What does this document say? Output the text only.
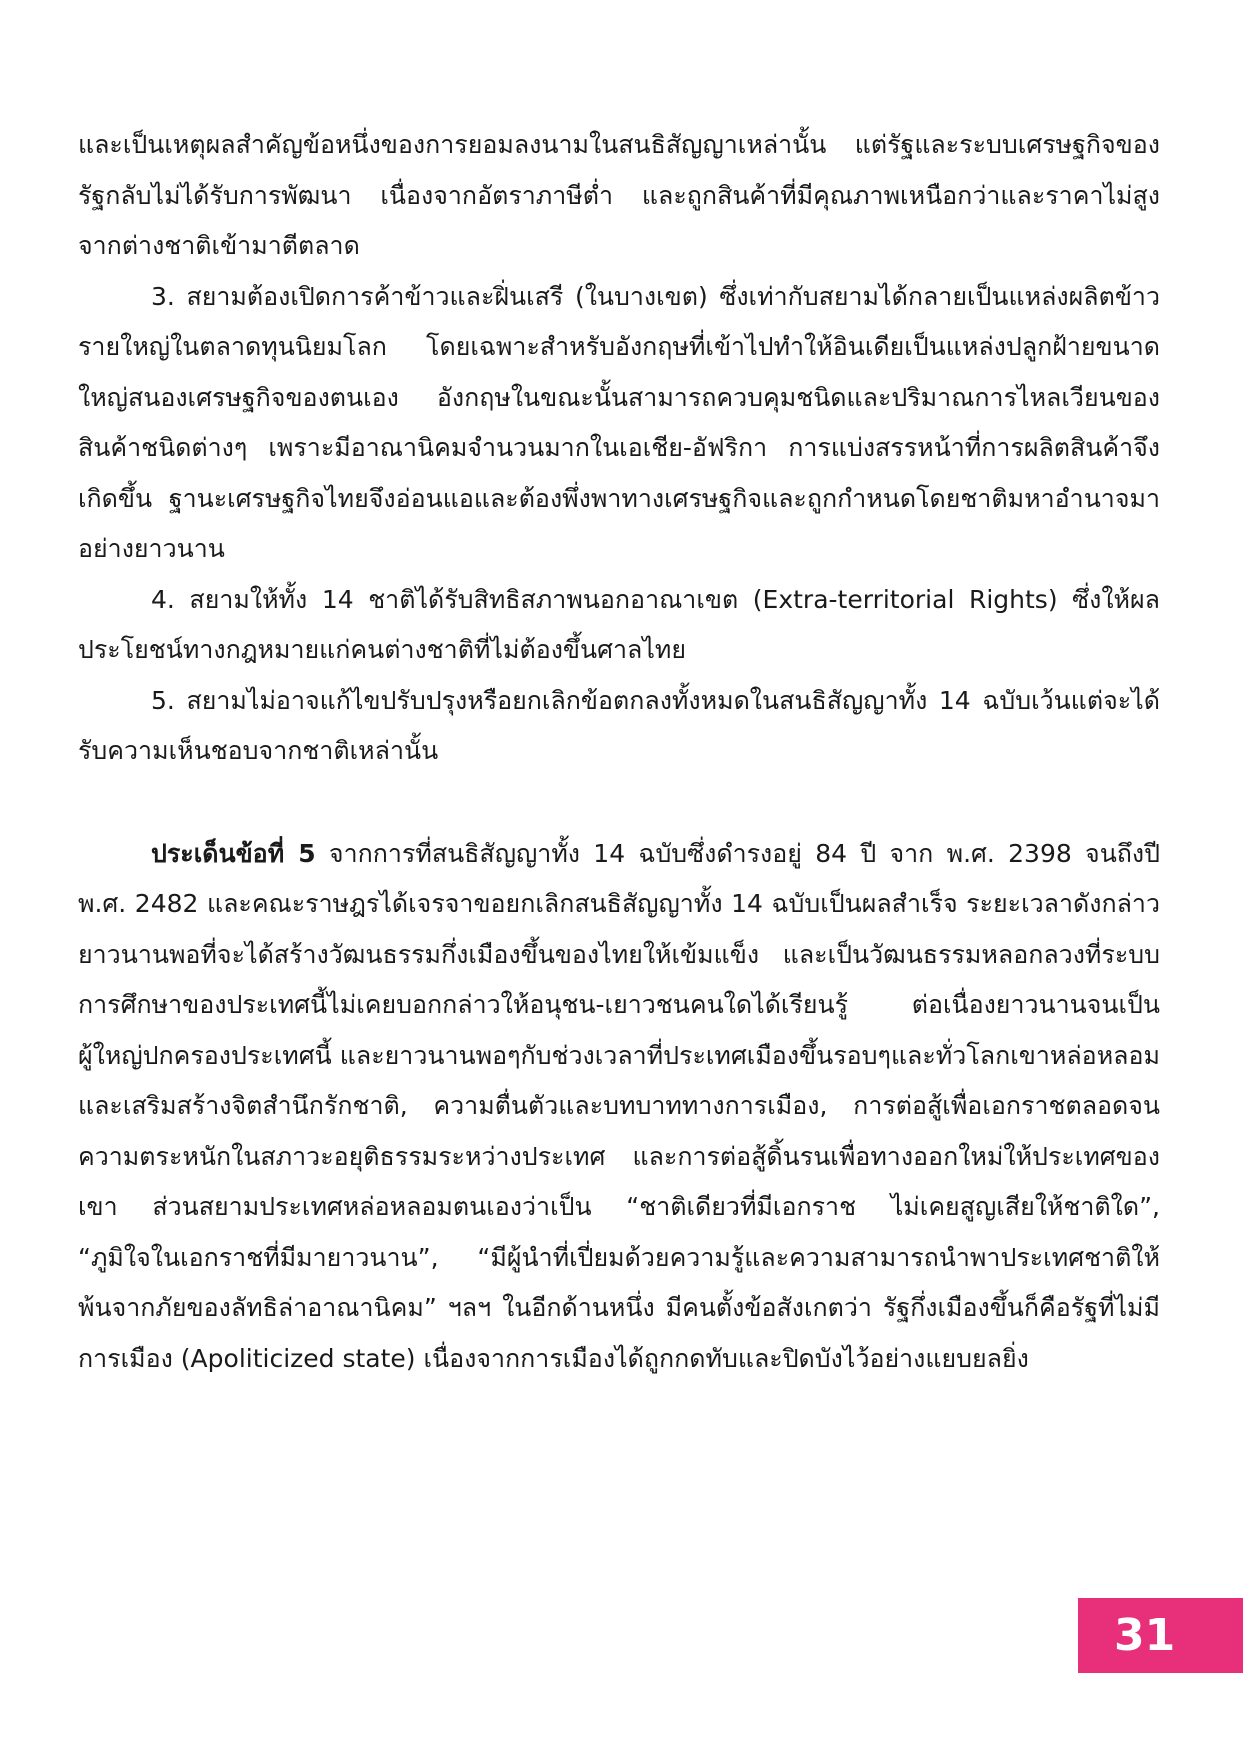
และเป็นเหตุผลสำคัญข้อหนึ่งของการยอมลงนามในสนธิสัญญาเหล่านั้น แต่รัฐและระบบเศรษฐกิจของรัฐกลับไม่ได้รับการพัฒนา เนื่องจากอัตราภาษีต่ำ และถูกสินค้าที่มีคุณภาพเหนือกว่าและราคาไม่สูงจากต่างชาติเข้ามาตีตลาด

3. สยามต้องเปิดการค้าข้าวและฝิ่นเสรี (ในบางเขต) ซึ่งเท่ากับสยามได้กลายเป็นแหล่งผลิตข้าวรายใหญ่ในตลาดทุนนิยมโลก โดยเฉพาะสำหรับอังกฤษที่เข้าไปทำให้อินเดียเป็นแหล่งปลูกฝ้ายขนาดใหญ่สนองเศรษฐกิจของตนเอง อังกฤษในขณะนั้นสามารถควบคุมชนิดและปริมาณการไหลเวียนของสินค้าชนิดต่างๆ เพราะมีอาณานิคมจำนวนมากในเอเชีย-อัฟริกา การแบ่งสรรหน้าที่การผลิตสินค้าจึงเกิดขึ้น ฐานะเศรษฐกิจไทยจึงอ่อนแอและต้องพึ่งพาทางเศรษฐกิจและถูกกำหนดโดยชาติมหาอำนาจมาอย่างยาวนาน

4. สยามให้ทั้ง 14 ชาติได้รับสิทธิสภาพนอกอาณาเขต (Extra-territorial Rights) ซึ่งให้ผลประโยชน์ทางกฎหมายแก่คนต่างชาติที่ไม่ต้องขึ้นศาลไทย

5. สยามไม่อาจแก้ไขปรับปรุงหรือยกเลิกข้อตกลงทั้งหมดในสนธิสัญญาทั้ง 14 ฉบับเว้นแต่จะได้รับความเห็นชอบจากชาติเหล่านั้น

ประเด็นข้อที่ 5 จากการที่สนธิสัญญาทั้ง 14 ฉบับซึ่งดำรงอยู่ 84 ปี จาก พ.ศ. 2398 จนถึงปี พ.ศ. 2482 และคณะราษฎรได้เจรจาขอยกเลิกสนธิสัญญาทั้ง 14 ฉบับเป็นผลสำเร็จ ระยะเวลาดังกล่าวยาวนานพอที่จะได้สร้างวัฒนธรรมกึ่งเมืองขึ้นของไทยให้เข้มแข็ง และเป็นวัฒนธรรมหลอกลวงที่ระบบการศึกษาของประเทศนี้ไม่เคยบอกกล่าวให้อนุชน-เยาวชนคนใดได้เรียนรู้ ต่อเนื่องยาวนานจนเป็นผู้ใหญ่ปกครองประเทศนี้ และยาวนานพอๆกับช่วงเวลาที่ประเทศเมืองขึ้นรอบๆและทั่วโลกเขาหล่อหลอมและเสริมสร้างจิตสำนึกรักชาติ, ความตื่นตัวและบทบาททางการเมือง, การต่อสู้เพื่อเอกราชตลอดจนความตระหนักในสภาวะอยุติธรรมระหว่างประเทศ และการต่อสู้ดิ้นรนเพื่อทางออกใหม่ให้ประเทศของเขา ส่วนสยามประเทศหล่อหลอมตนเองว่าเป็น “ชาติเดียวที่มีเอกราช ไม่เคยสูญเสียให้ชาติใด”, “ภูมิใจในเอกราชที่มีมายาวนาน”, “มีผู้นำที่เปี่ยมด้วยความรู้และความสามารถนำพาประเทศชาติให้พ้นจากภัยของลัทธิล่าอาณานิคม” ฯลฯ ในอีกด้านหนึ่ง มีคนตั้งข้อสังเกตว่า รัฐกึ่งเมืองขึ้นก็คือรัฐที่ไม่มีการเมือง (Apoliticized state) เนื่องจากการเมืองได้ถูกกดทับและปิดบังไว้อย่างแยบยลยิ่ง

31
